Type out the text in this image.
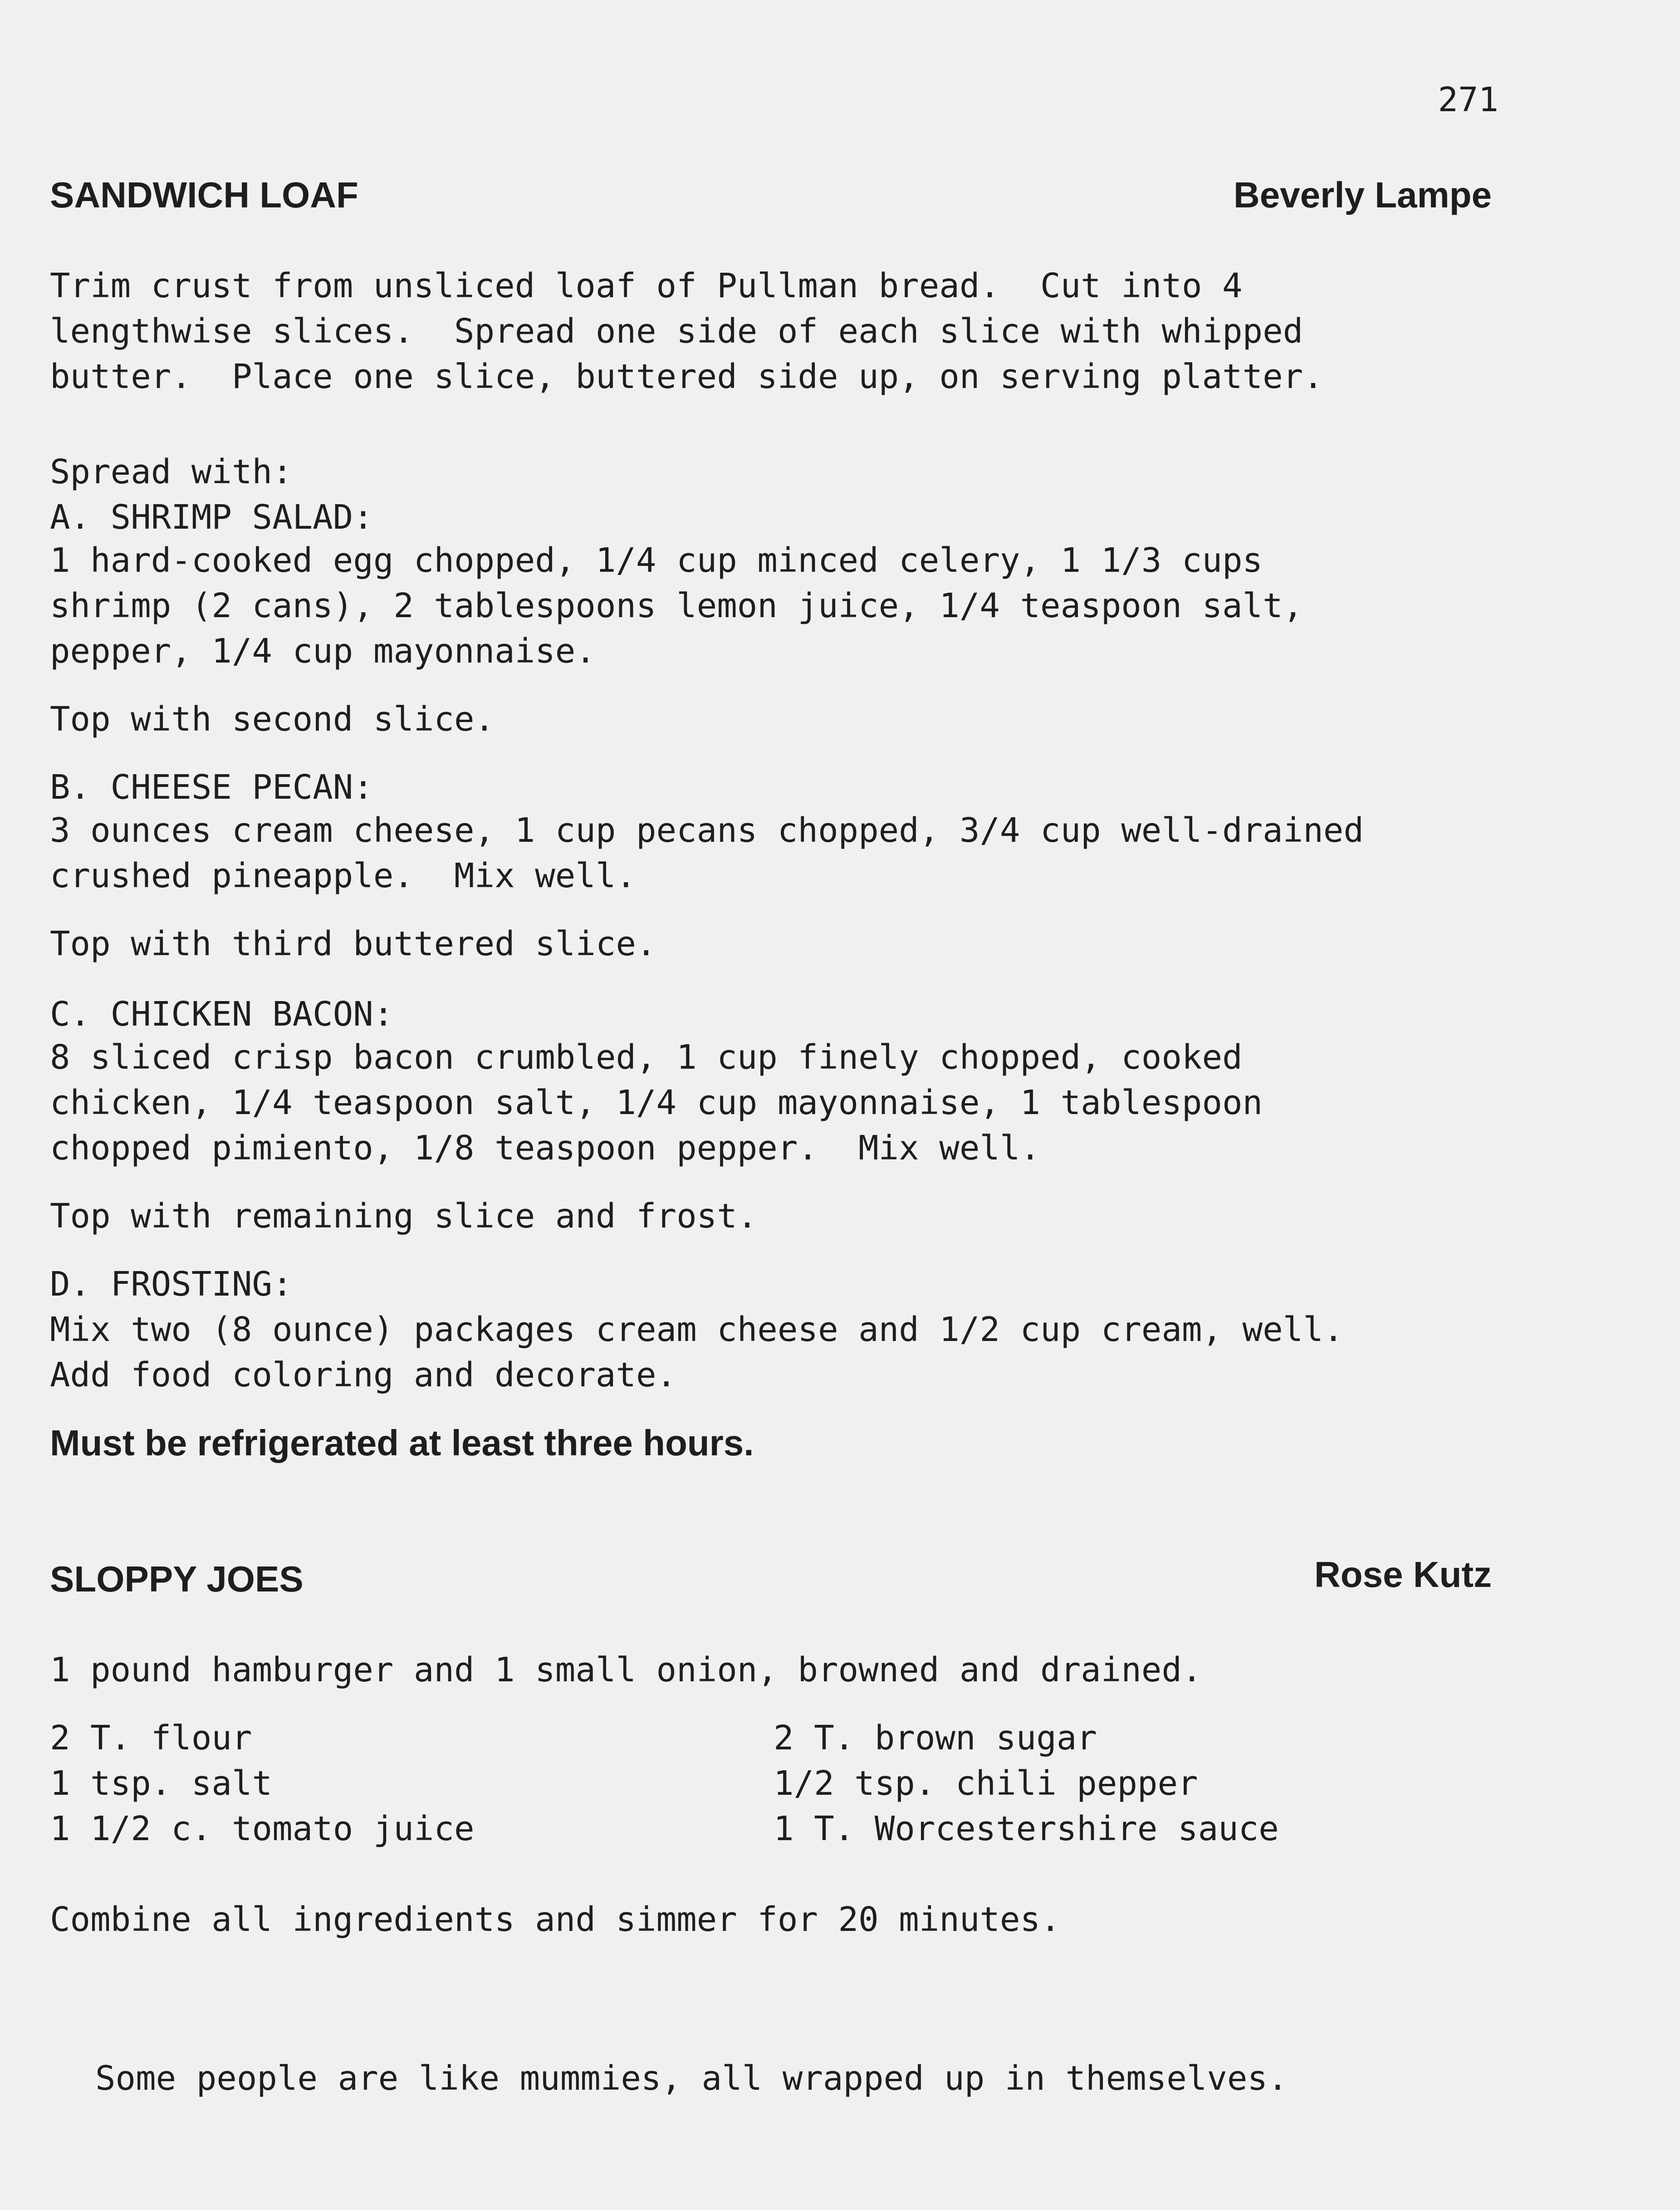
271
SANDWICH LOAF	Beverly Lampe
Trim crust from unsliced loaf of Pullman bread.  Cut into 4
lengthwise slices.  Spread one side of each slice with whipped
butter.  Place one slice, buttered side up, on serving platter.
Spread with:
A. SHRIMP SALAD:
1 hard-cooked egg chopped, 1/4 cup minced celery, 1 1/3 cups
shrimp (2 cans), 2 tablespoons lemon juice, 1/4 teaspoon salt,
pepper, 1/4 cup mayonnaise.
Top with second slice.
B. CHEESE PECAN:
3 ounces cream cheese, 1 cup pecans chopped, 3/4 cup well-drained
crushed pineapple.  Mix well.
Top with third buttered slice.
C. CHICKEN BACON:
8 sliced crisp bacon crumbled, 1 cup finely chopped, cooked
chicken, 1/4 teaspoon salt, 1/4 cup mayonnaise, 1 tablespoon
chopped pimiento, 1/8 teaspoon pepper.  Mix well.
Top with remaining slice and frost.
D. FROSTING:
Mix two (8 ounce) packages cream cheese and 1/2 cup cream, well.
Add food coloring and decorate.
Must be refrigerated at least three hours.
SLOPPY JOES	Rose Kutz
1 pound hamburger and 1 small onion, browned and drained.
2 T. flour
1 tsp. salt
1 1/2 c. tomato juice
2 T. brown sugar
1/2 tsp. chili pepper
1 T. Worcestershire sauce
Combine all ingredients and simmer for 20 minutes.
Some people are like mummies, all wrapped up in themselves.
